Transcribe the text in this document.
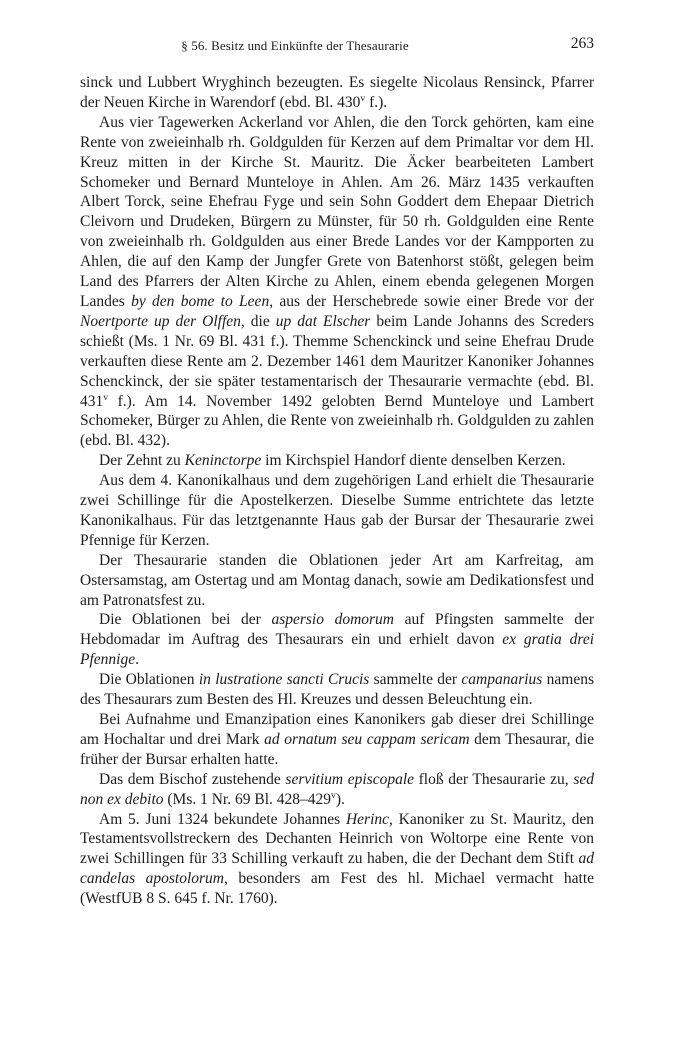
§ 56. Besitz und Einkünfte der Thesaurarie	263

sinck und Lubbert Wryghinch bezeugten. Es siegelte Nicolaus Rensinck, Pfarrer der Neuen Kirche in Warendorf (ebd. Bl. 430$^v$ f.).

Aus vier Tagewerken Ackerland vor Ahlen, die den Torck gehörten, kam eine Rente von zweieinhalb rh. Goldgulden für Kerzen auf dem Primaltar vor dem Hl. Kreuz mitten in der Kirche St. Mauritz. Die Äcker bearbeiteten Lambert Schomeker und Bernard Munteloye in Ahlen. Am 26. März 1435 verkauften Albert Torck, seine Ehefrau Fyge und sein Sohn Goddert dem Ehepaar Dietrich Cleivorn und Drudeken, Bürgern zu Münster, für 50 rh. Goldgulden eine Rente von zweieinhalb rh. Goldgulden aus einer Brede Landes vor der Kampporten zu Ahlen, die auf den Kamp der Jungfer Grete von Batenhorst stößt, gelegen beim Land des Pfarrers der Alten Kirche zu Ahlen, einem ebenda gelegenen Morgen Landes by den bome to Leen, aus der Herschebrede sowie einer Brede vor der Noertporte up der Olffen, die up dat Elscher beim Lande Johanns des Screders schießt (Ms. 1 Nr. 69 Bl. 431 f.). Themme Schenckinck und seine Ehefrau Drude verkauften diese Rente am 2. Dezember 1461 dem Mauritzer Kanoniker Johannes Schenckinck, der sie später testamentarisch der Thesaurarie vermachte (ebd. Bl. 431$^v$ f.). Am 14. November 1492 gelobten Bernd Munteloye und Lambert Schomeker, Bürger zu Ahlen, die Rente von zweieinhalb rh. Goldgulden zu zahlen (ebd. Bl. 432).

Der Zehnt zu Keninctorpe im Kirchspiel Handorf diente denselben Kerzen.

Aus dem 4. Kanonikalhaus und dem zugehörigen Land erhielt die Thesaurarie zwei Schillinge für die Apostelkerzen. Dieselbe Summe entrichtete das letzte Kanonikalhaus. Für das letztgenannte Haus gab der Bursar der Thesaurarie zwei Pfennige für Kerzen.

Der Thesaurarie standen die Oblationen jeder Art am Karfreitag, am Ostersamstag, am Ostertag und am Montag danach, sowie am Dedikationsfest und am Patronatsfest zu.

Die Oblationen bei der aspersio domorum auf Pfingsten sammelte der Hebdomadar im Auftrag des Thesaurars ein und erhielt davon ex gratia drei Pfennige.

Die Oblationen in lustratione sancti Crucis sammelte der campanarius namens des Thesaurars zum Besten des Hl. Kreuzes und dessen Beleuchtung ein.

Bei Aufnahme und Emanzipation eines Kanonikers gab dieser drei Schillinge am Hochaltar und drei Mark ad ornatum seu cappam sericam dem Thesaurar, die früher der Bursar erhalten hatte.

Das dem Bischof zustehende servitium episcopale floß der Thesaurarie zu, sed non ex debito (Ms. 1 Nr. 69 Bl. 428–429$^v$).

Am 5. Juni 1324 bekundete Johannes Herinc, Kanoniker zu St. Mauritz, den Testamentsvollstreckern des Dechanten Heinrich von Woltorpe eine Rente von zwei Schillingen für 33 Schilling verkauft zu haben, die der Dechant dem Stift ad candelas apostolorum, besonders am Fest des hl. Michael vermacht hatte (WestfUB 8 S. 645 f. Nr. 1760).
